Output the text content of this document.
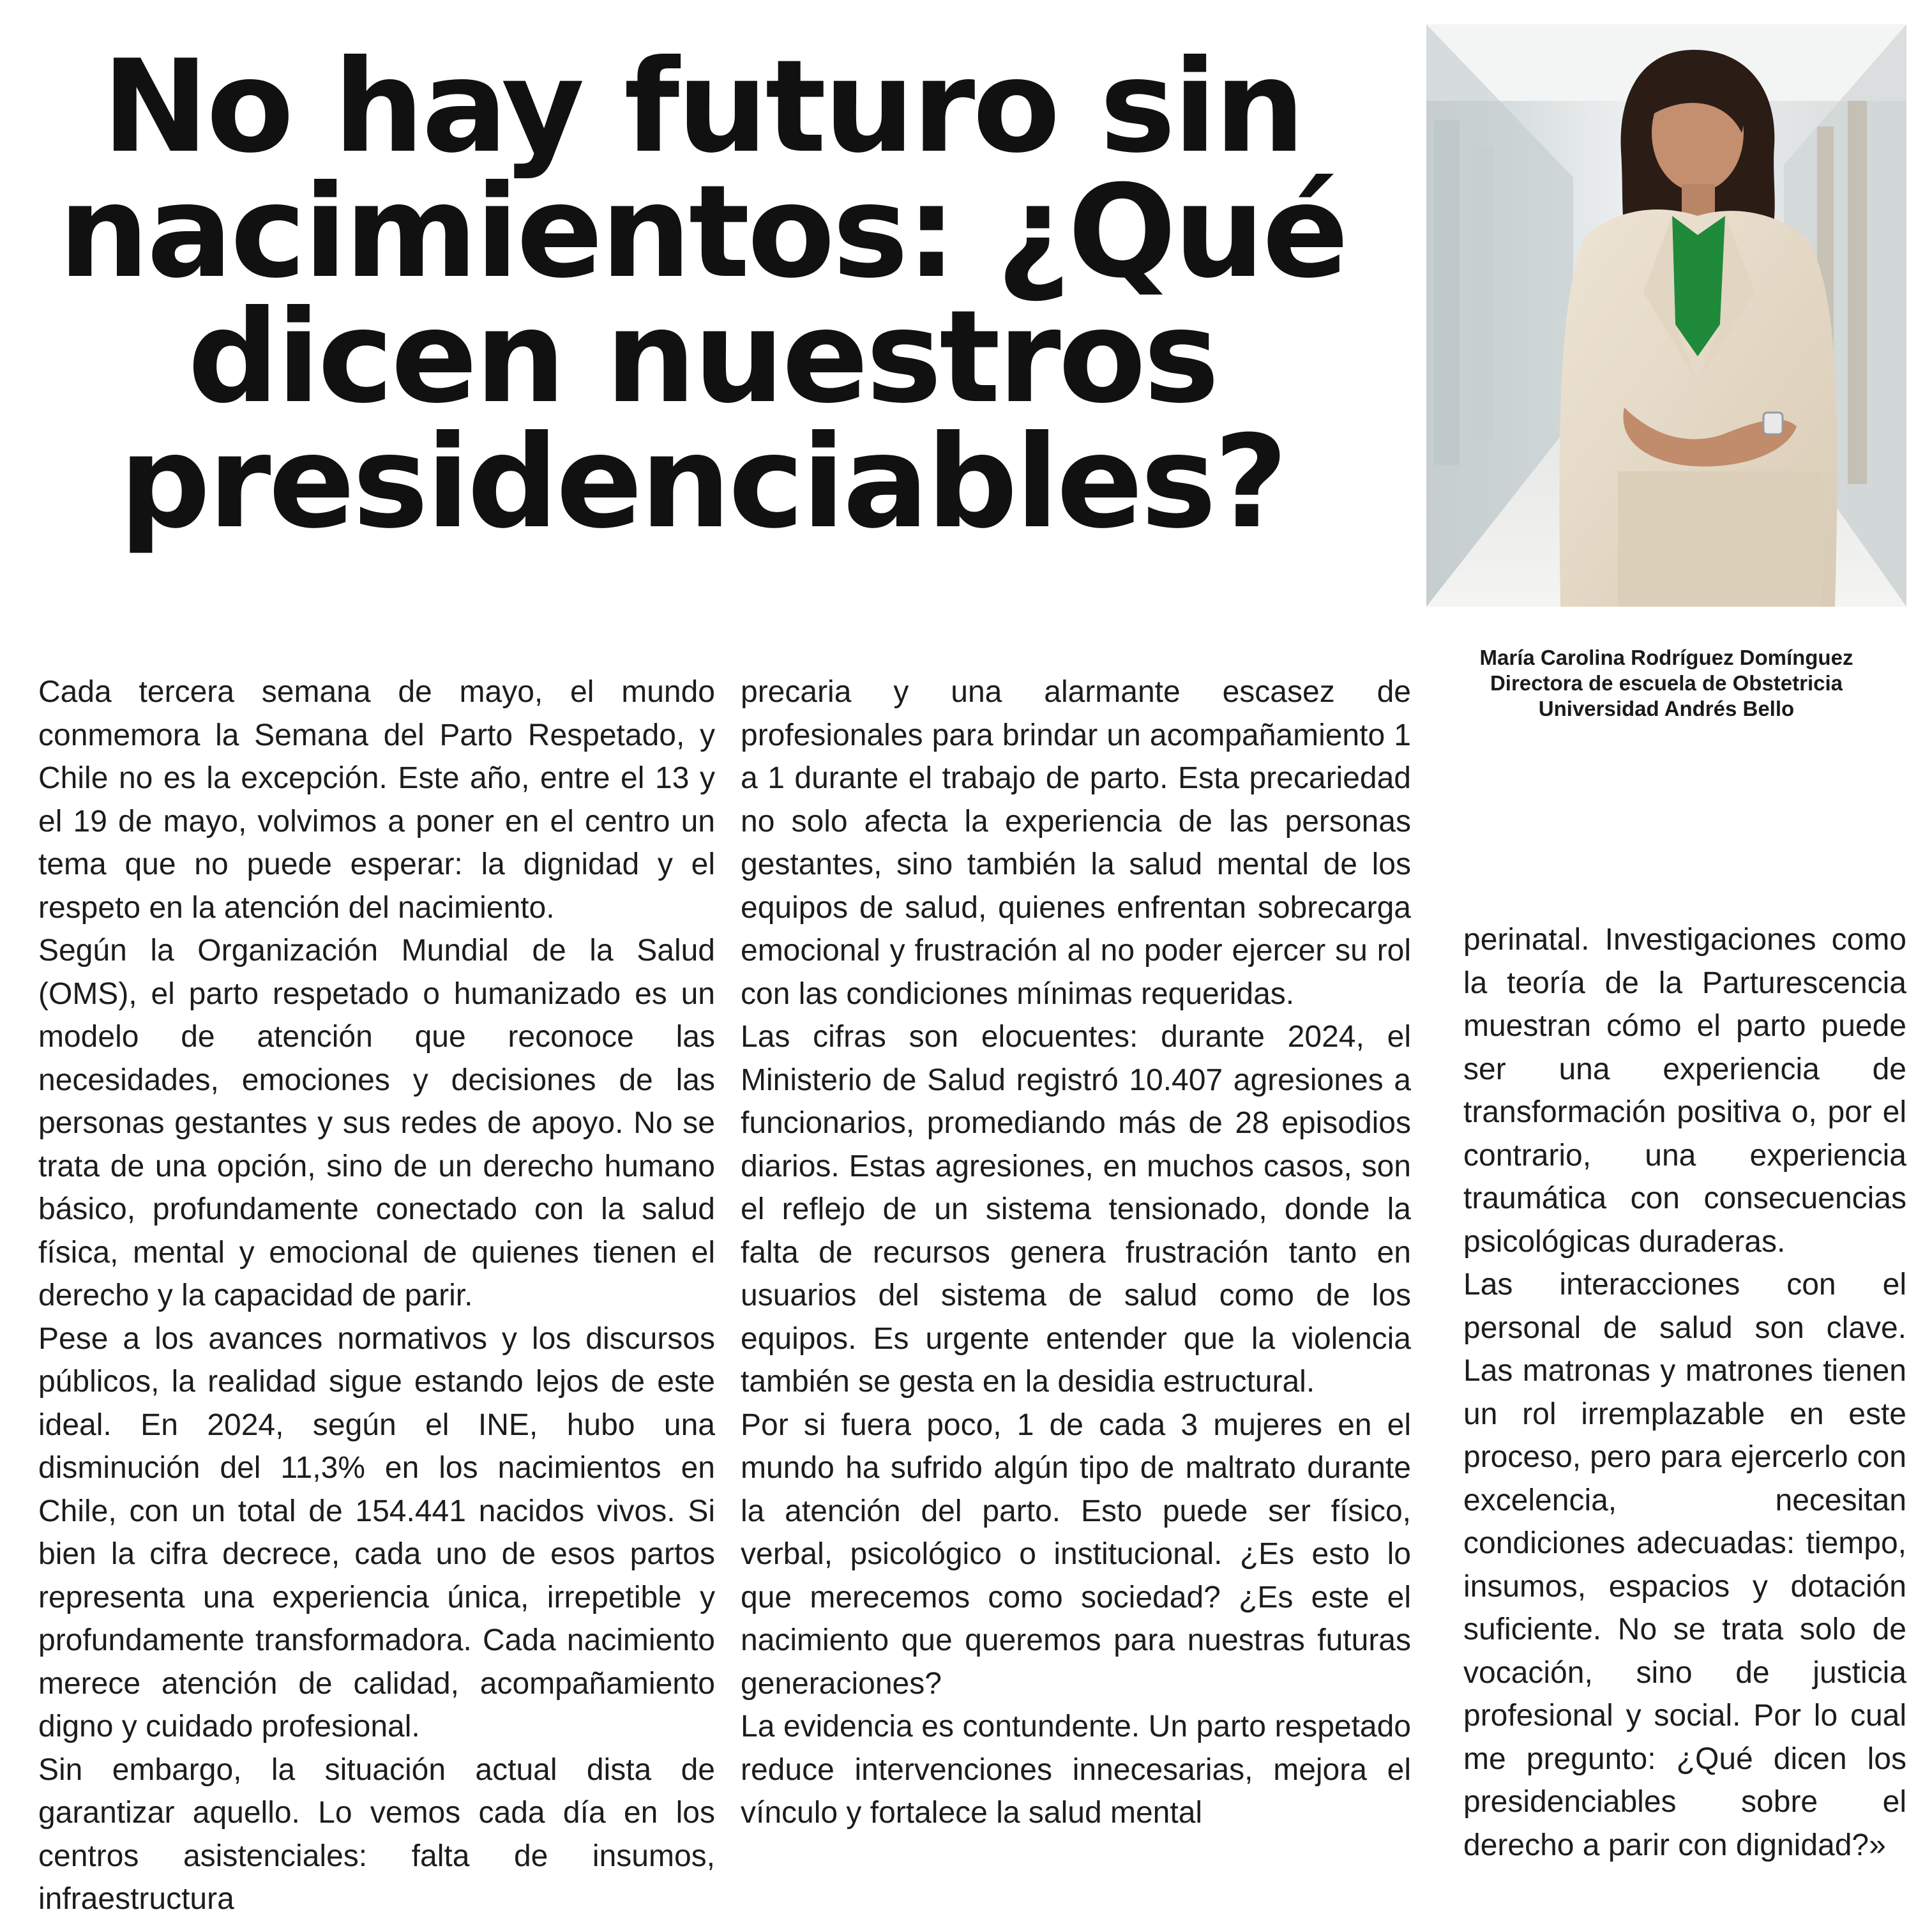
No hay futuro sin nacimientos: ¿Qué dicen nuestros presidenciables?
María Carolina Rodríguez Domínguez
Directora de escuela de Obstetricia
Universidad Andrés Bello

Cada tercera semana de mayo, el mundo conmemora la Semana del Parto Respetado, y Chile no es la excepción. Este año, entre el 13 y el 19 de mayo, volvimos a poner en el centro un tema que no puede esperar: la dignidad y el respeto en la atención del nacimiento.

Según la Organización Mundial de la Salud (OMS), el parto respetado o humanizado es un modelo de atención que reconoce las necesidades, emociones y decisiones de las personas gestantes y sus redes de apoyo. No se trata de una opción, sino de un derecho humano básico, profundamente conectado con la salud física, mental y emocional de quienes tienen el derecho y la capacidad de parir.

Pese a los avances normativos y los discursos públicos, la realidad sigue estando lejos de este ideal. En 2024, según el INE, hubo una disminución del 11,3% en los nacimientos en Chile, con un total de 154.441 nacidos vivos. Si bien la cifra decrece, cada uno de esos partos representa una experiencia única, irrepetible y profundamente transformadora. Cada nacimiento merece atención de calidad, acompañamiento digno y cuidado profesional.

Sin embargo, la situación actual dista de garantizar aquello. Lo vemos cada día en los centros asistenciales: falta de insumos, infraestructura

precaria y una alarmante escasez de profesionales para brindar un acompañamiento 1 a 1 durante el trabajo de parto. Esta precariedad no solo afecta la experiencia de las personas gestantes, sino también la salud mental de los equipos de salud, quienes enfrentan sobrecarga emocional y frustración al no poder ejercer su rol con las condiciones mínimas requeridas.

Las cifras son elocuentes: durante 2024, el Ministerio de Salud registró 10.407 agresiones a funcionarios, promediando más de 28 episodios diarios. Estas agresiones, en muchos casos, son el reflejo de un sistema tensionado, donde la falta de recursos genera frustración tanto en usuarios del sistema de salud como de los equipos. Es urgente entender que la violencia también se gesta en la desidia estructural.

Por si fuera poco, 1 de cada 3 mujeres en el mundo ha sufrido algún tipo de maltrato durante la atención del parto. Esto puede ser físico, verbal, psicológico o institucional. ¿Es esto lo que merecemos como sociedad? ¿Es este el nacimiento que queremos para nuestras futuras generaciones?

La evidencia es contundente. Un parto respetado reduce intervenciones innecesarias, mejora el vínculo y fortalece la salud mental

perinatal. Investigaciones como la teoría de la Parturescencia muestran cómo el parto puede ser una experiencia de transformación positiva o, por el contrario, una experiencia traumática con consecuencias psicológicas duraderas.

Las interacciones con el personal de salud son clave. Las matronas y matrones tienen un rol irremplazable en este proceso, pero para ejercerlo con excelencia, necesitan condiciones adecuadas: tiempo, insumos, espacios y dotación suficiente. No se trata solo de vocación, sino de justicia profesional y social. Por lo cual me pregunto: ¿Qué dicen los presidenciables sobre el derecho a parir con dignidad?»
